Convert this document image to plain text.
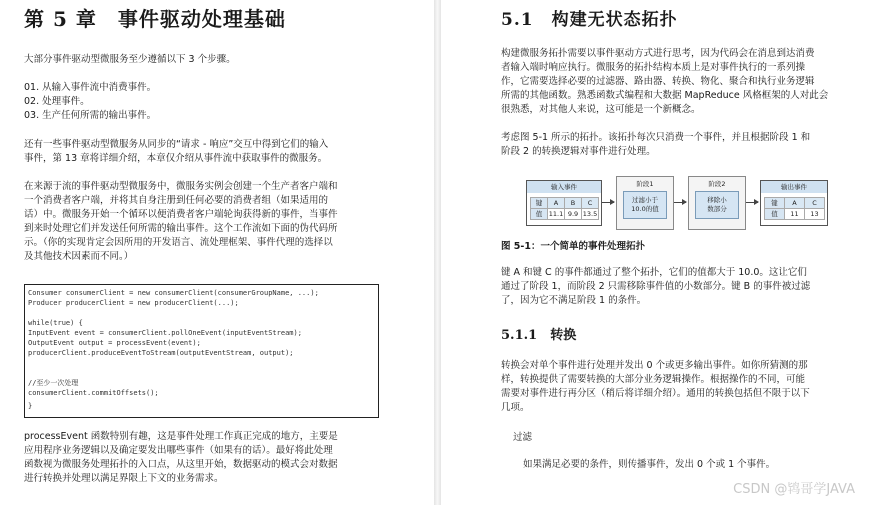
第 5 章　事件驱动处理基础
大部分事件驱动型微服务至少遵循以下 3 个步骤。
01. 从输入事件流中消费事件。
02. 处理事件。
03. 生产任何所需的输出事件。
还有一些事件驱动型微服务从同步的“请求 - 响应”交互中得到它们的输入
事件，第 13 章将详细介绍，本章仅介绍从事件流中获取事件的微服务。
在来源于流的事件驱动型微服务中，微服务实例会创建一个生产者客户端和
一个消费者客户端，并将其自身注册到任何必要的消费者组（如果适用的
话）中。微服务开始一个循环以便消费者客户端轮询获得新的事件，当事件
到来时处理它们并发送任何所需的输出事件。这个工作流如下面的伪代码所
示。（你的实现肯定会因所用的开发语言、流处理框架、事件代理的选择以
及其他技术因素而不同。）
Consumer consumerClient = new consumerClient(consumerGroupName, ...);
Producer producerClient = new producerClient(...);
while(true) {
InputEvent event = consumerClient.pollOneEvent(inputEventStream);
OutputEvent output = processEvent(event);
producerClient.produceEventToStream(outputEventStream, output);
//至少一次处理
consumerClient.commitOffsets();
}
processEvent 函数特别有趣，这是事件处理工作真正完成的地方，主要是
应用程序业务逻辑以及确定要发出哪些事件（如果有的话）。最好将此处理
函数视为微服务处理拓扑的入口点，从这里开始，数据驱动的模式会对数据
进行转换并处理以满足界限上下文的业务需求。
5.1　构建无状态拓扑
构建微服务拓扑需要以事件驱动方式进行思考，因为代码会在消息到达消费
者输入端时响应执行。微服务的拓扑结构本质上是对事件执行的一系列操
作，它需要选择必要的过滤器、路由器、转换、物化、聚合和执行业务逻辑
所需的其他函数。熟悉函数式编程和大数据 MapReduce 风格框架的人对此会
很熟悉，对其他人来说，这可能是一个新概念。
考虑图 5-1 所示的拓扑。该拓扑每次只消费一个事件，并且根据阶段 1 和
阶段 2 的转换逻辑对事件进行处理。
输入事件
键	A	B	C
值	11.1 9.9 13.5
阶段1
过滤小于
10.0的值
阶段2
移除小
数部分
输出事件
键	A	C
值	11	13
图 5-1：一个简单的事件处理拓扑
键 A 和键 C 的事件都通过了整个拓扑，它们的值都大于 10.0。这让它们
通过了阶段 1，而阶段 2 只需移除事件值的小数部分。键 B 的事件被过滤
了，因为它不满足阶段 1 的条件。
5.1.1　转换
转换会对单个事件进行处理并发出 0 个或更多输出事件。如你所猜测的那
样，转换提供了需要转换的大部分业务逻辑操作。根据操作的不同，可能
需要对事件进行再分区（稍后将详细介绍）。通用的转换包括但不限于以下
几项。
过滤
如果满足必要的条件，则传播事件，发出 0 个或 1 个事件。
CSDN @鸨哥学JAVA
